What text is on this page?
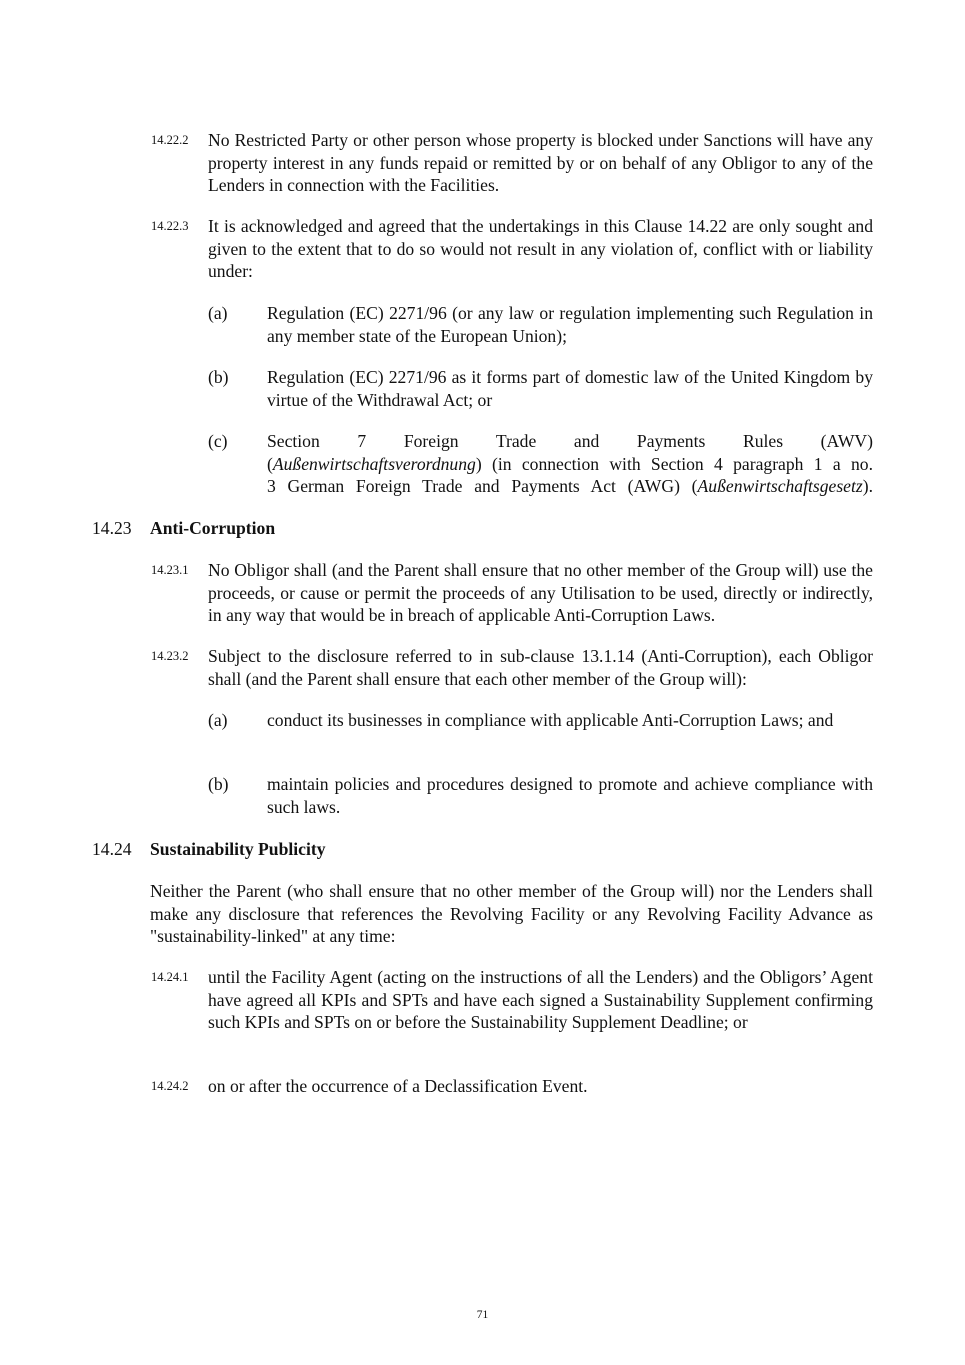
14.22.2 No Restricted Party or other person whose property is blocked under Sanctions will have any property interest in any funds repaid or remitted by or on behalf of any Obligor to any of the Lenders in connection with the Facilities.
14.22.3 It is acknowledged and agreed that the undertakings in this Clause 14.22 are only sought and given to the extent that to do so would not result in any violation of, conflict with or liability under:
(a) Regulation (EC) 2271/96 (or any law or regulation implementing such Regulation in any member state of the European Union);
(b) Regulation (EC) 2271/96 as it forms part of domestic law of the United Kingdom by virtue of the Withdrawal Act; or
(c) Section 7 Foreign Trade and Payments Rules (AWV)
(Außenwirtschaftsverordnung) (in connection with Section 4 paragraph 1 a no.
3 German Foreign Trade and Payments Act (AWG) (Außenwirtschaftsgesetz).
14.23 Anti-Corruption
14.23.1 No Obligor shall (and the Parent shall ensure that no other member of the Group will) use the proceeds, or cause or permit the proceeds of any Utilisation to be used, directly or indirectly, in any way that would be in breach of applicable Anti-Corruption Laws.
14.23.2 Subject to the disclosure referred to in sub-clause 13.1.14 (Anti-Corruption), each Obligor shall (and the Parent shall ensure that each other member of the Group will):
(a) conduct its businesses in compliance with applicable Anti-Corruption Laws; and
(b) maintain policies and procedures designed to promote and achieve compliance with such laws.
14.24 Sustainability Publicity
Neither the Parent (who shall ensure that no other member of the Group will) nor the Lenders shall make any disclosure that references the Revolving Facility or any Revolving Facility Advance as "sustainability-linked" at any time:
14.24.1 until the Facility Agent (acting on the instructions of all the Lenders) and the Obligors’ Agent have agreed all KPIs and SPTs and have each signed a Sustainability Supplement confirming such KPIs and SPTs on or before the Sustainability Supplement Deadline; or
14.24.2 on or after the occurrence of a Declassification Event.
71
